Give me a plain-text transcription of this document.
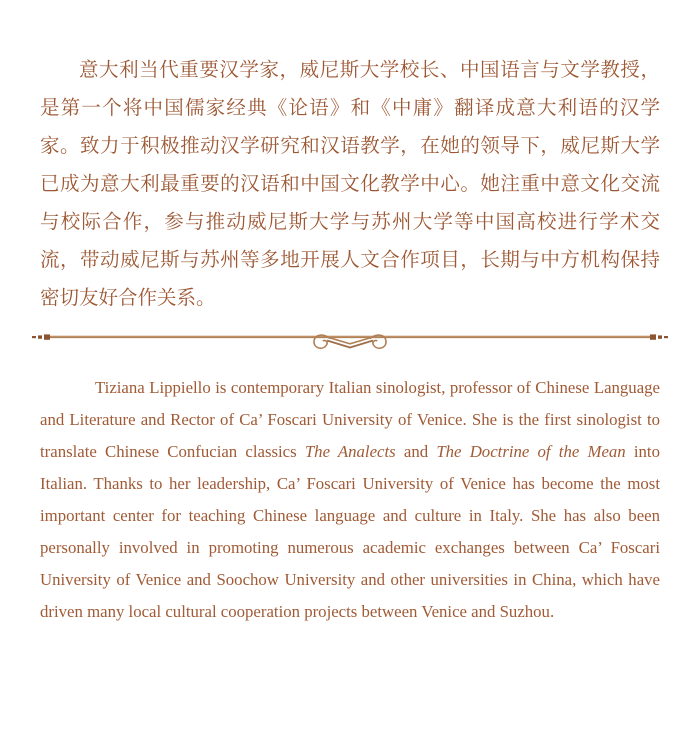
意大利当代重要汉学家，威尼斯大学校长、中国语言与文学教授，是第一个将中国儒家经典《论语》和《中庸》翻译成意大利语的汉学家。致力于积极推动汉学研究和汉语教学，在她的领导下，威尼斯大学已成为意大利最重要的汉语和中国文化教学中心。她注重中意文化交流与校际合作，参与推动威尼斯大学与苏州大学等中国高校进行学术交流，带动威尼斯与苏州等多地开展人文合作项目，长期与中方机构保持密切友好合作关系。

Tiziana Lippiello is contemporary Italian sinologist, professor of Chinese Language and Literature and Rector of Ca’ Foscari University of Venice. She is the first sinologist to translate Chinese Confucian classics The Analects and The Doctrine of the Mean into Italian. Thanks to her leadership, Ca’ Foscari University of Venice has become the most important center for teaching Chinese language and culture in Italy. She has also been personally involved in promoting numerous academic exchanges between Ca’ Foscari University of Venice and Soochow University and other universities in China, which have driven many local cultural cooperation projects between Venice and Suzhou.
